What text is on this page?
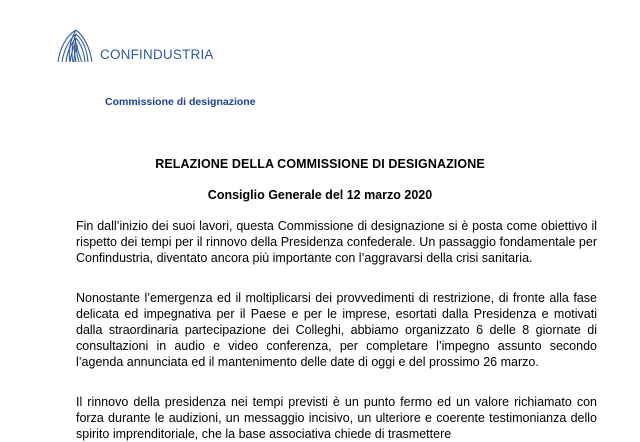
CONFINDUSTRIA
Commissione di designazione
RELAZIONE DELLA COMMISSIONE DI DESIGNAZIONE
Consiglio Generale del 12 marzo 2020

Fin dall’inizio dei suoi lavori, questa Commissione di designazione si è posta come obiettivo il rispetto dei tempi per il rinnovo della Presidenza confederale. Un passaggio fondamentale per Confindustria, diventato ancora più importante con l’aggravarsi della crisi sanitaria.

Nonostante l’emergenza ed il moltiplicarsi dei provvedimenti di restrizione, di fronte alla fase delicata ed impegnativa per il Paese e per le imprese, esortati dalla Presidenza e motivati dalla straordinaria partecipazione dei Colleghi, abbiamo organizzato 6 delle 8 giornate di consultazioni in audio e video conferenza, per completare l’impegno assunto secondo l’agenda annunciata ed il mantenimento delle date di oggi e del prossimo 26 marzo.

Il rinnovo della presidenza nei tempi previsti è un punto fermo ed un valore richiamato con forza durante le audizioni, un messaggio incisivo, un ulteriore e coerente testimonianza dello spirito imprenditoriale, che la base associativa chiede di trasmettere
